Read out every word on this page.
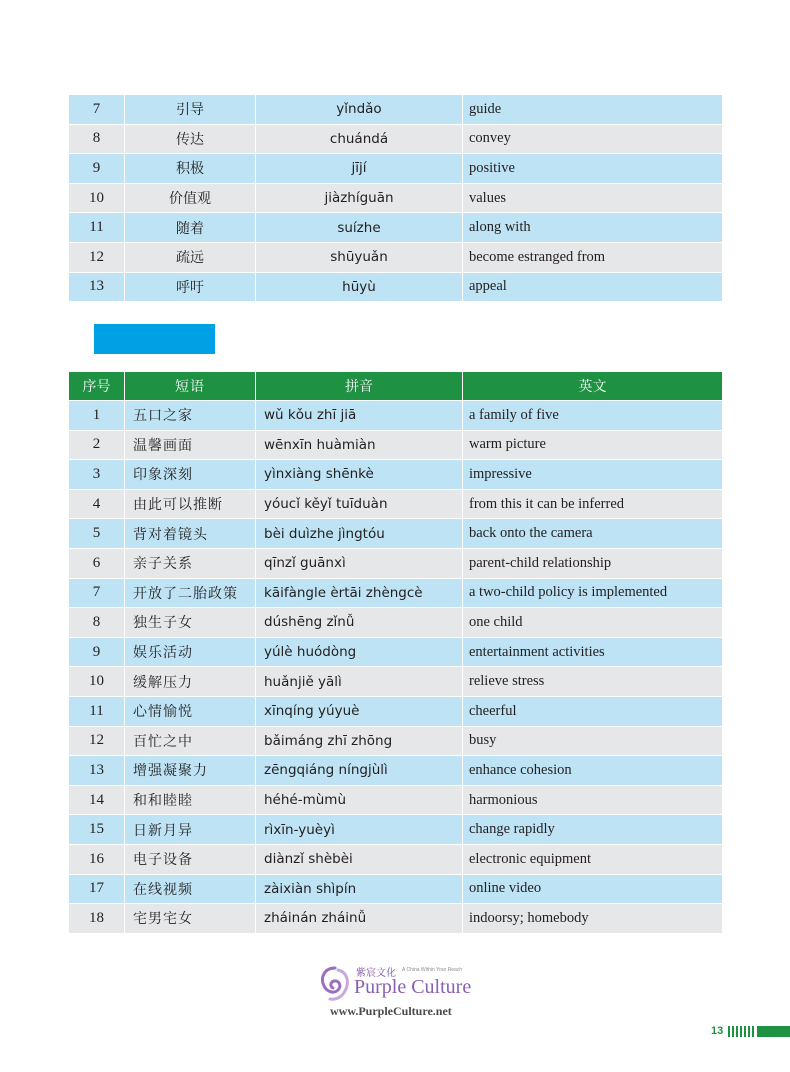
7	引导	yǐndǎo	guide
8	传达	chuándá	convey
9	积极	jījí	positive
10	价值观	jiàzhíguān	values
11	随着	suízhe	along with
12	疏远	shūyuǎn	become estranged from
13	呼吁	hūyù	appeal
序号	短语	拼音	英文
1	五口之家	wǔ kǒu zhī jiā	a family of five
2	温馨画面	wēnxīn huàmiàn	warm picture
3	印象深刻	yìnxiàng shēnkè	impressive
4	由此可以推断	yóucǐ kěyǐ tuīduàn	from this it can be inferred
5	背对着镜头	bèi duìzhe jìngtóu	back onto the camera
6	亲子关系	qīnzǐ guānxì	parent-child relationship
7	开放了二胎政策	kāifàngle èrtāi zhèngcè	a two-child policy is implemented
8	独生子女	dúshēng zǐnǚ	one child
9	娱乐活动	yúlè huódòng	entertainment activities
10	缓解压力	huǎnjiě yālì	relieve stress
11	心情愉悦	xīnqíng yúyuè	cheerful
12	百忙之中	bǎimáng zhī zhōng	busy
13	增强凝聚力	zēngqiáng níngjùlì	enhance cohesion
14	和和睦睦	héhé-mùmù	harmonious
15	日新月异	rìxīn-yuèyì	change rapidly
16	电子设备	diànzǐ shèbèi	electronic equipment
17	在线视频	zàixiàn shìpín	online video
18	宅男宅女	zháinán zháinǚ	indoorsy; homebody
紫宸文化 A China Within Your Reach
Purple Culture
www.PurpleCulture.net
13
